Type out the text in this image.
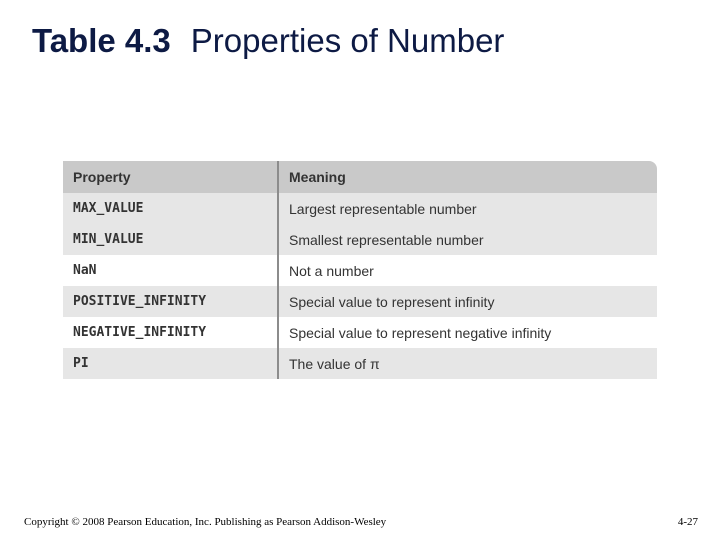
Table 4.3 Properties of Number
Property	Meaning
MAX_VALUE	Largest representable number
MIN_VALUE	Smallest representable number
NaN	Not a number
POSITIVE_INFINITY	Special value to represent infinity
NEGATIVE_INFINITY	Special value to represent negative infinity
PI	The value of π
Copyright © 2008 Pearson Education, Inc. Publishing as Pearson Addison-Wesley	4-27
